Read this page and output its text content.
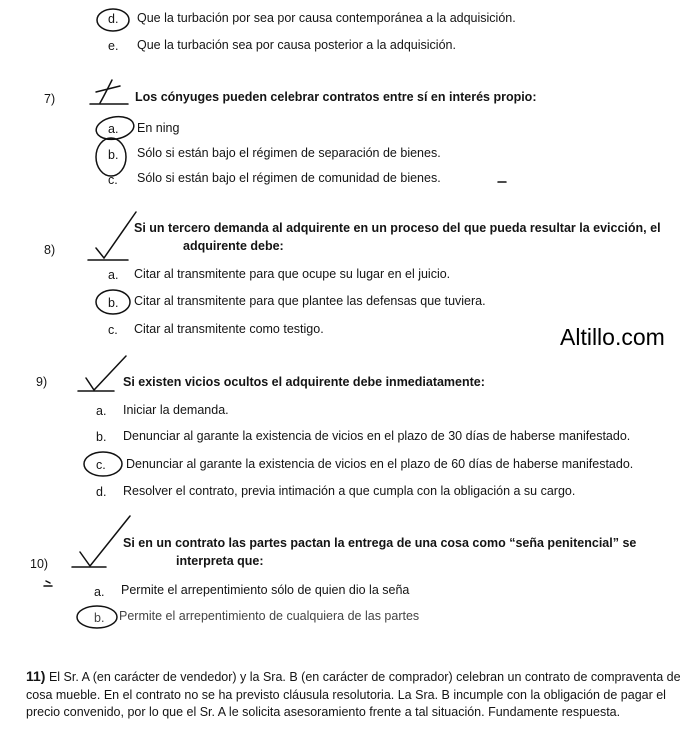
d. Que la turbación por sea por causa contemporánea a la adquisición.
e. Que la turbación sea por causa posterior a la adquisición.
7)	Los cónyuges pueden celebrar contratos entre sí en interés propio:
a. En ning
b. Sólo si están bajo el régimen de separación de bienes.
c. Sólo si están bajo el régimen de comunidad de bienes.
8)
Si un tercero demanda al adquirente en un proceso del que pueda resultar la evicción, el
adquirente debe:
a. Citar al transmitente para que ocupe su lugar en el juicio.
b. Citar al transmitente para que plantee las defensas que tuviera.
c. Citar al transmitente como testigo.	Altillo.com
9)	Si existen vicios ocultos el adquirente debe inmediatamente:
a. Iniciar la demanda.
b. Denunciar al garante la existencia de vicios en el plazo de 30 días de haberse manifestado.
c. Denunciar al garante la existencia de vicios en el plazo de 60 días de haberse manifestado.
d. Resolver el contrato, previa intimación a que cumpla con la obligación a su cargo.
10)
Si en un contrato las partes pactan la entrega de una cosa como “seña penitencial” se
interpreta que:
a. Permite el arrepentimiento sólo de quien dio la seña
b. Permite el arrepentimiento de cualquiera de las partes
11) El Sr. A (en carácter de vendedor) y la Sra. B (en carácter de comprador) celebran un contrato de compraventa de cosa mueble. En el contrato no se ha previsto cláusula resolutoria. La Sra. B incumple con la obligación de pagar el precio convenido, por lo que el Sr. A le solicita asesoramiento frente a tal situación. Fundamente respuesta.
